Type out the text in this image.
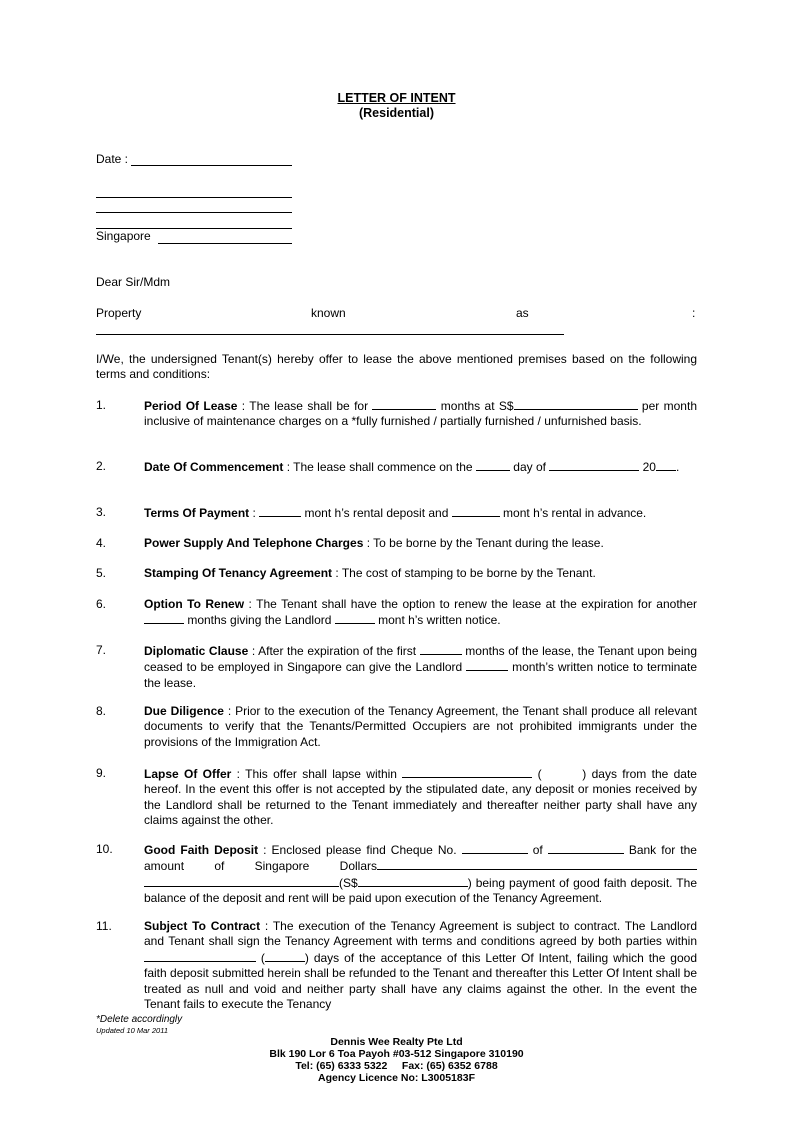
LETTER OF INTENT
(Residential)
Date :
Singapore
Dear Sir/Mdm
Property	known	as	:
I/We, the undersigned Tenant(s) hereby offer to lease the above mentioned premises based on the following terms and conditions:
1.	Period Of Lease : The lease shall be for	months at S$	per month inclusive of maintenance charges on a *fully furnished / partially furnished / unfurnished basis.
2.	Date Of Commencement : The lease shall commence on the	day of	20 .
3.	Terms Of Payment :	mont h’s rental deposit and	mont h’s rental in advance.
4.	Power Supply And Telephone Charges : To be borne by the Tenant during the lease.
5.	Stamping Of Tenancy Agreement : The cost of stamping to be borne by the Tenant.
6.	Option To Renew : The Tenant shall have the option to renew the lease at the expiration for another  months giving the Landlord	mont h’s written notice.
7.	Diplomatic Clause : After the expiration of the first	months of the lease, the Tenant upon being ceased to be employed in Singapore can give the Landlord	month’s written notice to terminate the lease.
8.	Due Diligence : Prior to the execution of the Tenancy Agreement, the Tenant shall produce all relevant documents to verify that the Tenants/Permitted Occupiers are not prohibited immigrants under the provisions of the Immigration Act.
9.	Lapse Of Offer : This offer shall lapse within	(	) days from the date hereof. In the event this offer is not accepted by the stipulated date, any deposit or monies received by the Landlord shall be returned to the Tenant immediately and thereafter neither party shall have any claims against the other.
10.	Good Faith Deposit : Enclosed please find Cheque No.	of	Bank for the amount of Singapore Dollars(S$	) being payment of good faith deposit. The balance of the deposit and rent will be paid upon execution of the Tenancy Agreement.
11.	Subject To Contract : The execution of the Tenancy Agreement is subject to contract. The Landlord and Tenant shall sign the Tenancy Agreement with terms and conditions agreed by both parties within  (	) days of the acceptance of this Letter Of Intent, failing which the good faith deposit submitted herein shall be refunded to the Tenant and thereafter this Letter Of Intent shall be treated as null and void and neither party shall have any claims against the other. In the event the Tenant fails to execute the Tenancy
*Delete accordingly
Updated 10 Mar 2011
Dennis Wee Realty Pte Ltd
Blk 190 Lor 6 Toa Payoh #03-512 Singapore 310190
Tel: (65) 6333 5322     Fax: (65) 6352 6788
Agency Licence No: L3005183F
